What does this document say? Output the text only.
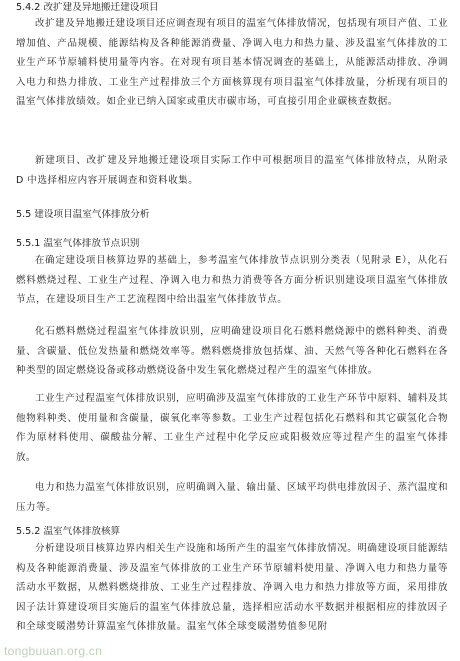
5.4.2 改扩建及异地搬迁建设项目

改扩建及异地搬迁建设项目还应调查现有项目的温室气体排放情况，包括现有项目产值、工业增加值、产品规模、能源结构及各种能源消费量、净调入电力和热力量、涉及温室气体排放的工业生产环节原辅料使用量等内容。在对现有项目基本情况调查的基础上，从能源活动排放、净调入电力和热力排放、工业生产过程排放三个方面核算现有项目温室气体排放量，分析现有项目的温室气体排放绩效。如企业已纳入国家或重庆市碳市场，可直接引用企业碳核查数据。

新建项目、改扩建及异地搬迁建设项目实际工作中可根据项目的温室气体排放特点，从附录 D 中选择相应内容开展调查和资料收集。

5.5 建设项目温室气体排放分析

5.5.1 温室气体排放节点识别

在确定建设项目核算边界的基础上，参考温室气体排放节点识别分类表（见附录 E），从化石燃料燃烧过程、工业生产过程、净调入电力和热力消费等各方面分析识别建设项目温室气体排放节点，在建设项目生产工艺流程图中给出温室气体排放节点。

化石燃料燃烧过程温室气体排放识别，应明确建设项目化石燃料燃烧源中的燃料种类、消费量、含碳量、低位发热量和燃烧效率等。燃料燃烧排放包括煤、油、天然气等各种化石燃料在各种类型的固定燃烧设备或移动燃烧设备中发生氧化燃烧过程产生的温室气体排放。

工业生产过程温室气体排放识别，应明确涉及温室气体排放的工业生产环节中原料、辅料及其他物料种类、使用量和含碳量，碳氧化率等参数。工业生产过程包括化石燃料和其它碳氢化合物作为原材料使用、碳酸盐分解、工业生产过程中化学反应或阳极效应等过程产生的温室气体排放。

电力和热力温室气体排放识别，应明确调入量、输出量、区域平均供电排放因子、蒸汽温度和压力等。

5.5.2 温室气体排放核算

分析建设项目核算边界内相关生产设施和场所产生的温室气体排放情况。明确建设项目能源结构及各种能源消费量、涉及温室气体排放的工业生产环节原辅料使用量、净调入电力和热力量等活动水平数据，从燃料燃烧排放、工业生产过程排放、净调入电力和热力排放等方面，采用排放因子法计算建设项目实施后的温室气体排放总量，选择相应活动水平数据并根据相应的排放因子和全球变暖潜势计算温室气体排放量。温室气体全球变暖潜势值参见附

tongbuuan.org.cn
